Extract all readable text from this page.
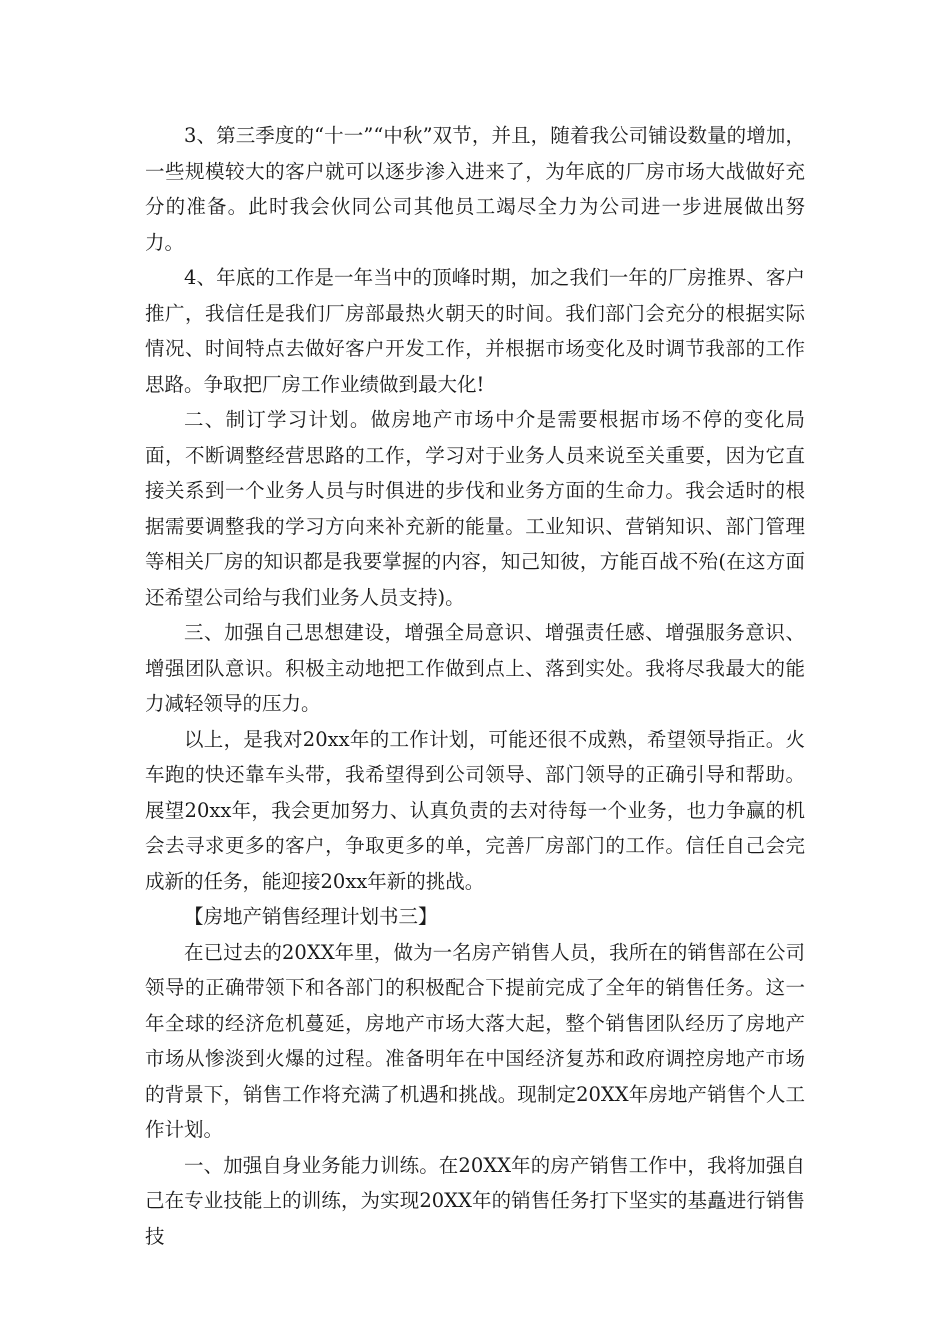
3、第三季度的“十一”“中秋”双节，并且，随着我公司铺设数量的增加，一些规模较大的客户就可以逐步渗入进来了，为年底的厂房市场大战做好充分的准备。此时我会伙同公司其他员工竭尽全力为公司进一步进展做出努力。

4、年底的工作是一年当中的顶峰时期，加之我们一年的厂房推界、客户推广，我信任是我们厂房部最热火朝天的时间。我们部门会充分的根据实际情况、时间特点去做好客户开发工作，并根据市场变化及时调节我部的工作思路。争取把厂房工作业绩做到最大化!

二、制订学习计划。做房地产市场中介是需要根据市场不停的变化局面，不断调整经营思路的工作，学习对于业务人员来说至关重要，因为它直接关系到一个业务人员与时俱进的步伐和业务方面的生命力。我会适时的根据需要调整我的学习方向来补充新的能量。工业知识、营销知识、部门管理等相关厂房的知识都是我要掌握的内容，知己知彼，方能百战不殆(在这方面还希望公司给与我们业务人员支持)。

三、加强自己思想建设，增强全局意识、增强责任感、增强服务意识、增强团队意识。积极主动地把工作做到点上、落到实处。我将尽我最大的能力减轻领导的压力。

以上，是我对20xx年的工作计划，可能还很不成熟，希望领导指正。火车跑的快还靠车头带，我希望得到公司领导、部门领导的正确引导和帮助。展望20xx年，我会更加努力、认真负责的去对待每一个业务，也力争赢的机会去寻求更多的客户，争取更多的单，完善厂房部门的工作。信任自己会完成新的任务，能迎接20xx年新的挑战。

【房地产销售经理计划书三】

在已过去的20XX年里，做为一名房产销售人员，我所在的销售部在公司领导的正确带领下和各部门的积极配合下提前完成了全年的销售任务。这一年全球的经济危机蔓延，房地产市场大落大起，整个销售团队经历了房地产市场从惨淡到火爆的过程。准备明年在中国经济复苏和政府调控房地产市场的背景下，销售工作将充满了机遇和挑战。现制定20XX年房地产销售个人工作计划。

一、加强自身业务能力训练。在20XX年的房产销售工作中，我将加强自己在专业技能上的训练，为实现20XX年的销售任务打下坚实的基矗进行销售技
